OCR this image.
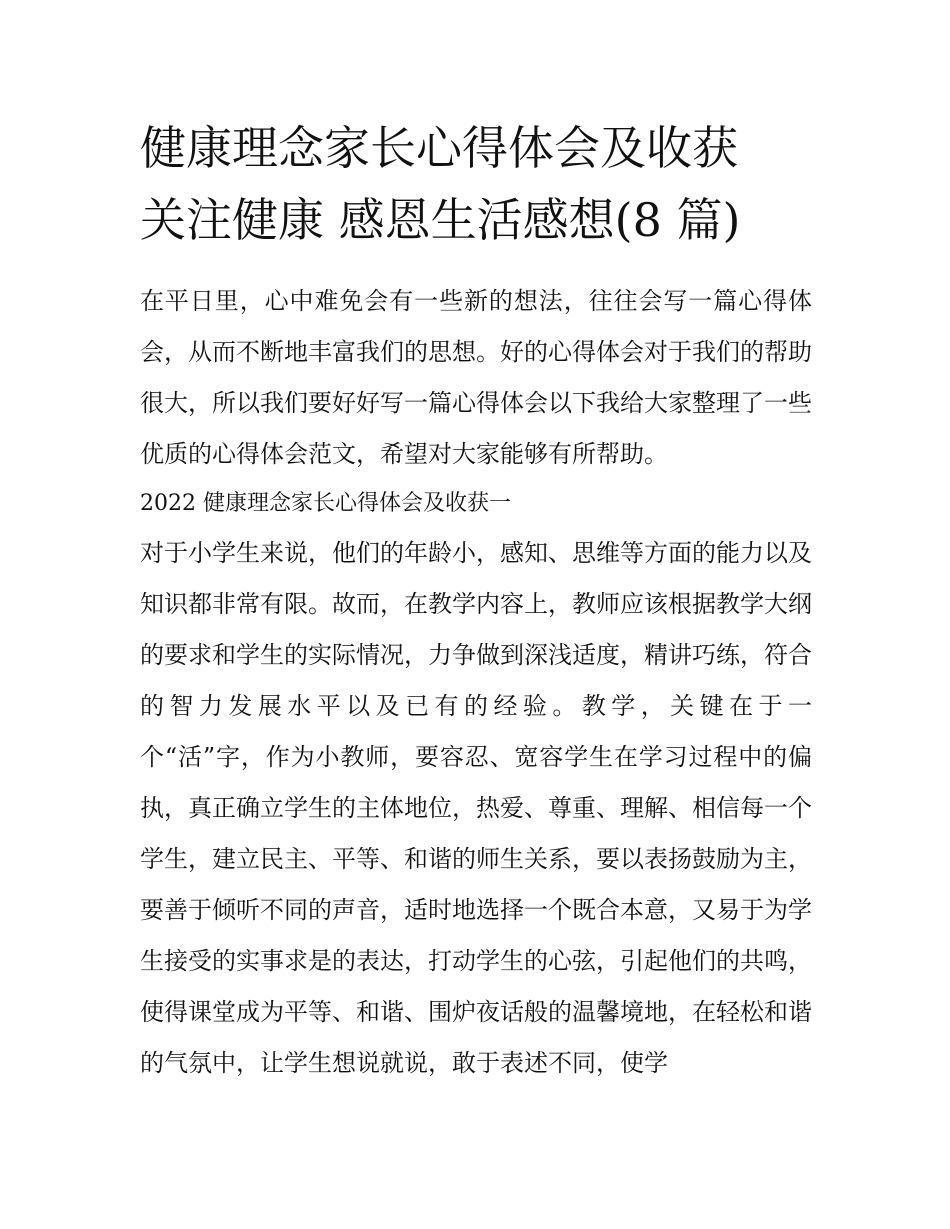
健康理念家长心得体会及收获
关注健康 感恩生活感想(8 篇)

在平日里，心中难免会有一些新的想法，往往会写一篇心得体会，从而不断地丰富我们的思想。好的心得体会对于我们的帮助很大，所以我们要好好写一篇心得体会以下我给大家整理了一些优质的心得体会范文，希望对大家能够有所帮助。

2022 健康理念家长心得体会及收获一

对于小学生来说，他们的年龄小，感知、思维等方面的能力以及知识都非常有限。故而，在教学内容上，教师应该根据教学大纲的要求和学生的实际情况，力争做到深浅适度，精讲巧练，符合的智力发展水平以及已有的经验。教学，关键在于一个“活”字，作为小教师，要容忍、宽容学生在学习过程中的偏执，真正确立学生的主体地位，热爱、尊重、理解、相信每一个学生，建立民主、平等、和谐的师生关系，要以表扬鼓励为主，要善于倾听不同的声音，适时地选择一个既合本意，又易于为学生接受的实事求是的表达，打动学生的心弦，引起他们的共鸣，使得课堂成为平等、和谐、围炉夜话般的温馨境地，在轻松和谐的气氛中，让学生想说就说，敢于表述不同，使学
